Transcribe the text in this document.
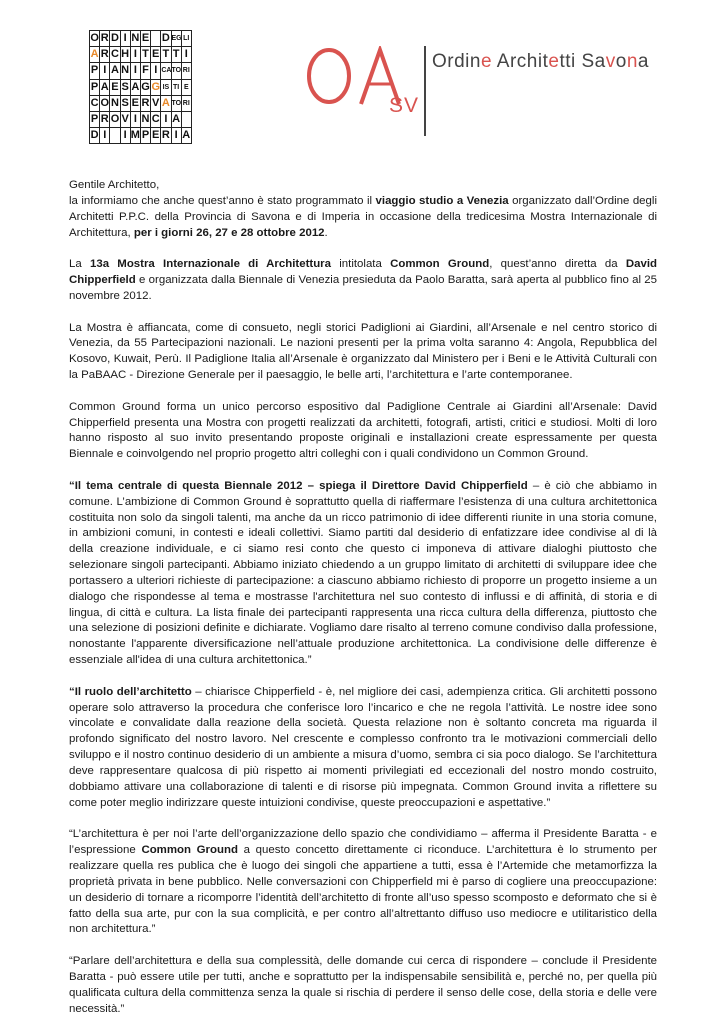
O R D I N E
D EG LI
A R C H I T E T T I
P I A N I F I CA TO RI
P A E S A G G IS TI E
C O N S E R V A TO RI
P R O V I N C I A

D I
	I M P E R I A
SV
Ordine Architetti Savona

Gentile Architetto,
la informiamo che anche quest’anno è stato programmato il viaggio studio a Venezia organizzato dall’Ordine degli Architetti P.P.C. della Provincia di Savona e di Imperia in occasione della tredicesima Mostra Internazionale di Architettura, per i giorni 26, 27 e 28 ottobre 2012.

La 13a Mostra Internazionale di Architettura intitolata Common Ground, quest’anno diretta da David Chipperfield e organizzata dalla Biennale di Venezia presieduta da Paolo Baratta, sarà aperta al pubblico fino al 25 novembre 2012.

La Mostra è affiancata, come di consueto, negli storici Padiglioni ai Giardini, all’Arsenale e nel centro storico di Venezia, da 55 Partecipazioni nazionali. Le nazioni presenti per la prima volta saranno 4: Angola, Repubblica del Kosovo, Kuwait, Perù. Il Padiglione Italia all’Arsenale è organizzato dal Ministero per i Beni e le Attività Culturali con la PaBAAC - Direzione Generale per il paesaggio, le belle arti, l’architettura e l’arte contemporanee.

Common Ground forma un unico percorso espositivo dal Padiglione Centrale ai Giardini all’Arsenale: David Chipperfield presenta una Mostra con progetti realizzati da architetti, fotografi, artisti, critici e studiosi. Molti di loro hanno risposto al suo invito presentando proposte originali e installazioni create espressamente per questa Biennale e coinvolgendo nel proprio progetto altri colleghi con i quali condividono un Common Ground.

“Il tema centrale di questa Biennale 2012 – spiega il Direttore David Chipperfield – è ciò che abbiamo in comune. L’ambizione di Common Ground è soprattutto quella di riaffermare l’esistenza di una cultura architettonica costituita non solo da singoli talenti, ma anche da un ricco patrimonio di idee differenti riunite in una storia comune, in ambizioni comuni, in contesti e ideali collettivi. Siamo partiti dal desiderio di enfatizzare idee condivise al di là della creazione individuale, e ci siamo resi conto che questo ci imponeva di attivare dialoghi piuttosto che selezionare singoli partecipanti. Abbiamo iniziato chiedendo a un gruppo limitato di architetti di sviluppare idee che portassero a ulteriori richieste di partecipazione: a ciascuno abbiamo richiesto di proporre un progetto insieme a un dialogo che rispondesse al tema e mostrasse l'architettura nel suo contesto di influssi e di affinità, di storia e di lingua, di città e cultura. La lista finale dei partecipanti rappresenta una ricca cultura della differenza, piuttosto che una selezione di posizioni definite e dichiarate. Vogliamo dare risalto al terreno comune condiviso dalla professione, nonostante l'apparente diversificazione nell’attuale produzione architettonica. La condivisione delle differenze è essenziale all'idea di una cultura architettonica.”

“Il ruolo dell’architetto – chiarisce Chipperfield - è, nel migliore dei casi, adempienza critica. Gli architetti possono operare solo attraverso la procedura che conferisce loro l’incarico e che ne regola l’attività. Le nostre idee sono vincolate e convalidate dalla reazione della società. Questa relazione non è soltanto concreta ma riguarda il profondo significato del nostro lavoro. Nel crescente e complesso confronto tra le motivazioni commerciali dello sviluppo e il nostro continuo desiderio di un ambiente a misura d’uomo, sembra ci sia poco dialogo. Se l’architettura deve rappresentare qualcosa di più rispetto ai momenti privilegiati ed eccezionali del nostro mondo costruito, dobbiamo attivare una collaborazione di talenti e di risorse più impegnata. Common Ground invita a riflettere su come poter meglio indirizzare queste intuizioni condivise, queste preoccupazioni e aspettative.”

“L’architettura è per noi l’arte dell’organizzazione dello spazio che condividiamo – afferma il Presidente Baratta - e l’espressione Common Ground a questo concetto direttamente ci riconduce. L’architettura è lo strumento per realizzare quella res publica che è luogo dei singoli che appartiene a tutti, essa è l’Artemide che metamorfizza la proprietà privata in bene pubblico. Nelle conversazioni con Chipperfield mi è parso di cogliere una preoccupazione: un desiderio di tornare a ricomporre l’identità dell’architetto di fronte all’uso spesso scomposto e deformato che si è fatto della sua arte, pur con la sua complicità, e per contro all’altrettanto diffuso uso mediocre e utilitaristico della non architettura.”

“Parlare dell’architettura e della sua complessità, delle domande cui cerca di rispondere – conclude il Presidente Baratta - può essere utile per tutti, anche e soprattutto per la indispensabile sensibilità e, perché no, per quella più qualificata cultura della committenza senza la quale si rischia di perdere il senso delle cose, della storia e delle vere necessità.”
